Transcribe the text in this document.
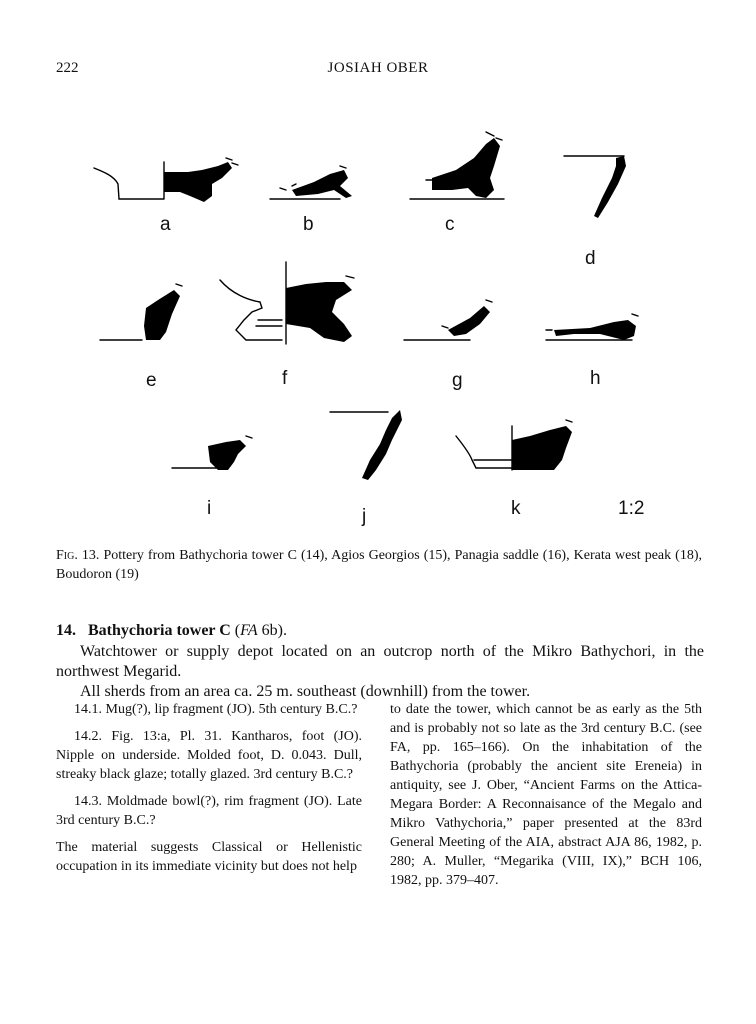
222	JOSIAH OBER
a	b	c
d
e	f	g	h
i	j	k	1:2
Fig. 13. Pottery from Bathychoria tower C (14), Agios Georgios (15), Panagia saddle (16), Kerata west peak (18), Boudoron (19)
14. Bathychoria tower C (FA 6b).
Watchtower or supply depot located on an outcrop north of the Mikro Bathychori, in the northwest Megarid.
All sherds from an area ca. 25 m. southeast (downhill) from the tower.

14.1. Mug(?), lip fragment (JO). 5th century B.C.?

14.2. Fig. 13:a, Pl. 31. Kantharos, foot (JO). Nipple on underside. Molded foot, D. 0.043. Dull, streaky black glaze; totally glazed. 3rd century B.C.?

14.3. Moldmade bowl(?), rim fragment (JO). Late 3rd century B.C.?

The material suggests Classical or Hellenistic occupation in its immediate vicinity but does not help

to date the tower, which cannot be as early as the 5th and is probably not so late as the 3rd century B.C. (see FA, pp. 165–166). On the inhabitation of the Bathychoria (probably the ancient site Ereneia) in antiquity, see J. Ober, “Ancient Farms on the Attica-Megara Border: A Reconnaisance of the Megalo and Mikro Vathychoria,” paper presented at the 83rd General Meeting of the AIA, abstract AJA 86, 1982, p. 280; A. Muller, “Megarika (VIII, IX),” BCH 106, 1982, pp. 379–407.
